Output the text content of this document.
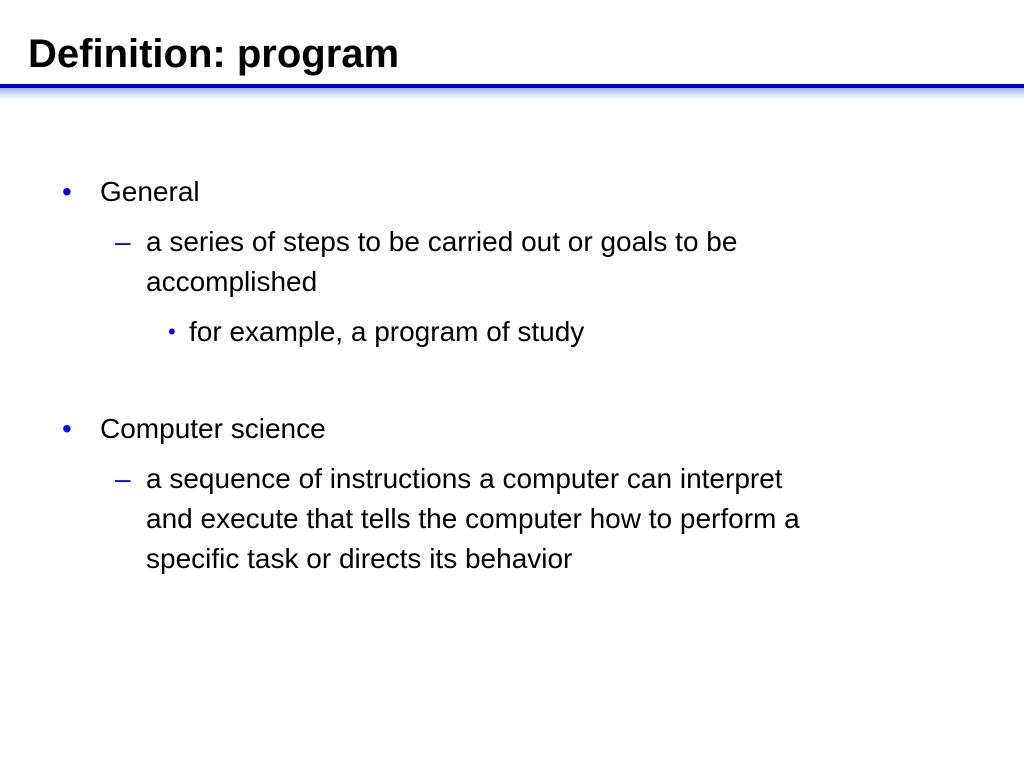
Definition: program
• General
– a series of steps to be carried out or goals to be
accomplished
• for example, a program of study
• Computer science
– a sequence of instructions a computer can interpret
and execute that tells the computer how to perform a
specific task or directs its behavior
